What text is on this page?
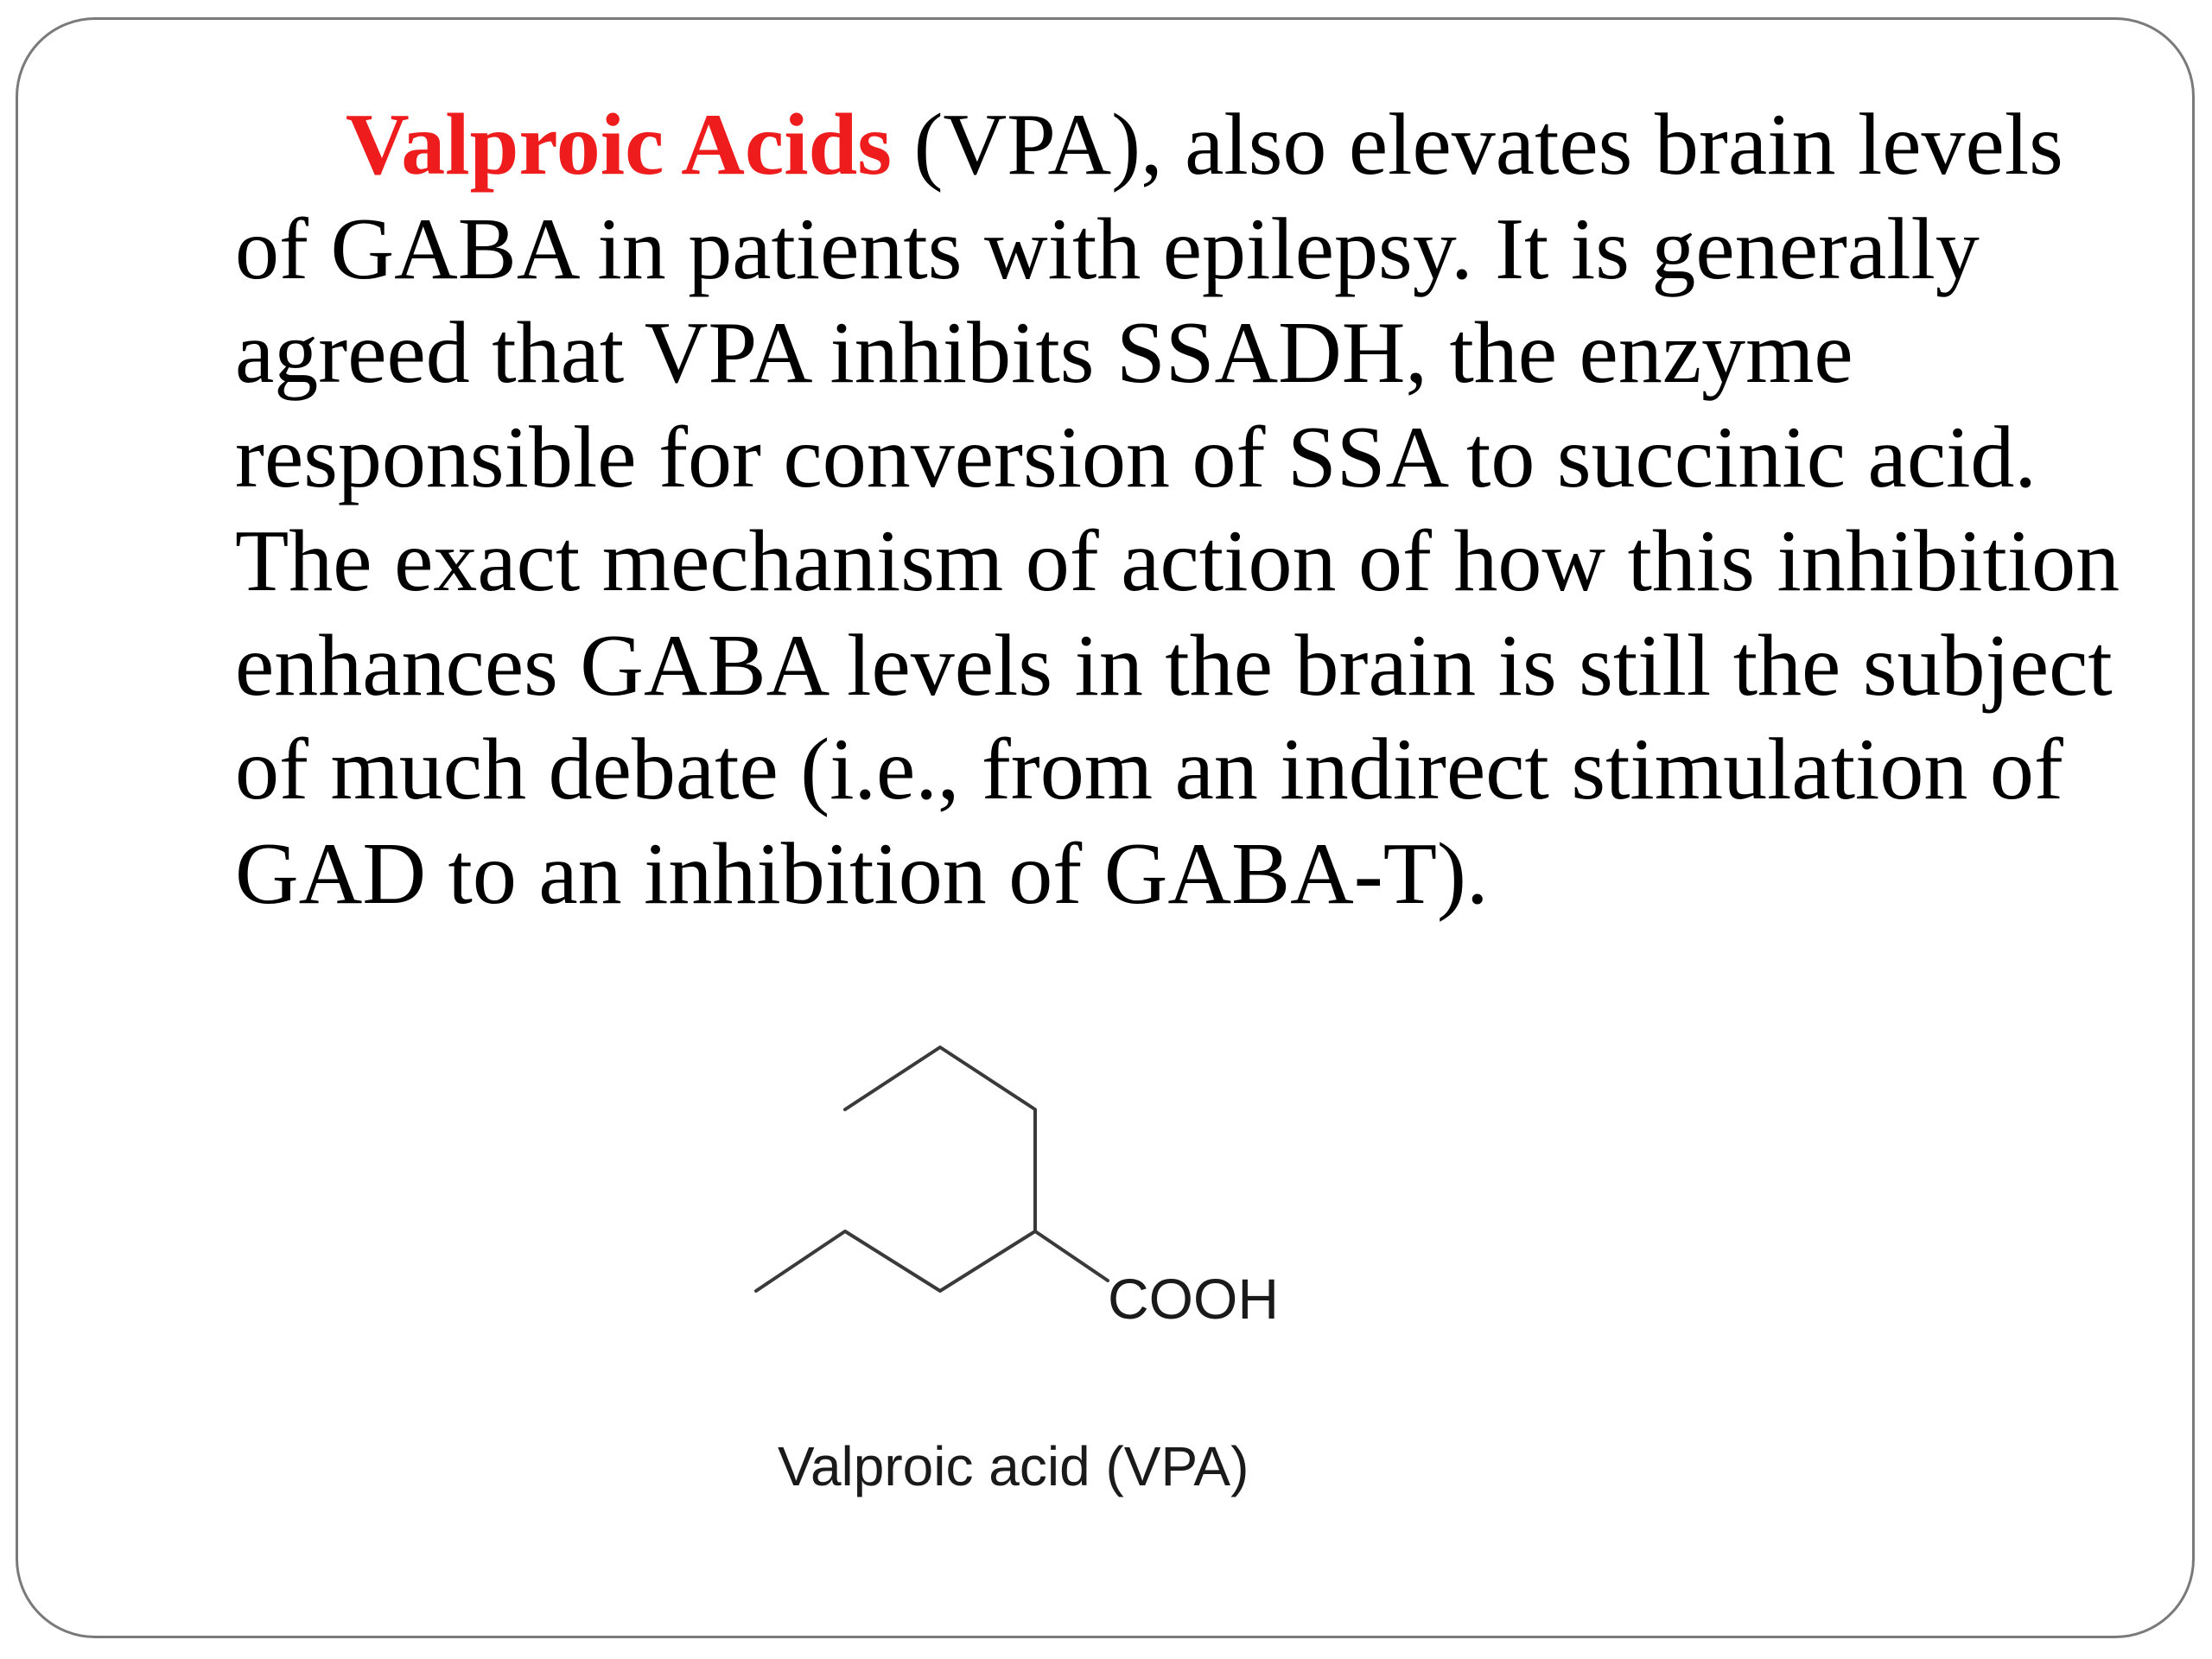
Valproic Acids (VPA), also elevates brain levels
of GABA in patients with epilepsy. It is generally
agreed that VPA inhibits SSADH, the enzyme
responsible for conversion of SSA to succinic acid.
The exact mechanism of action of how this inhibition
enhances GABA levels in the brain is still the subject
of much debate (i.e., from an indirect stimulation of
GAD to an inhibition of GABA-T).

COOH

Valproic acid (VPA)
